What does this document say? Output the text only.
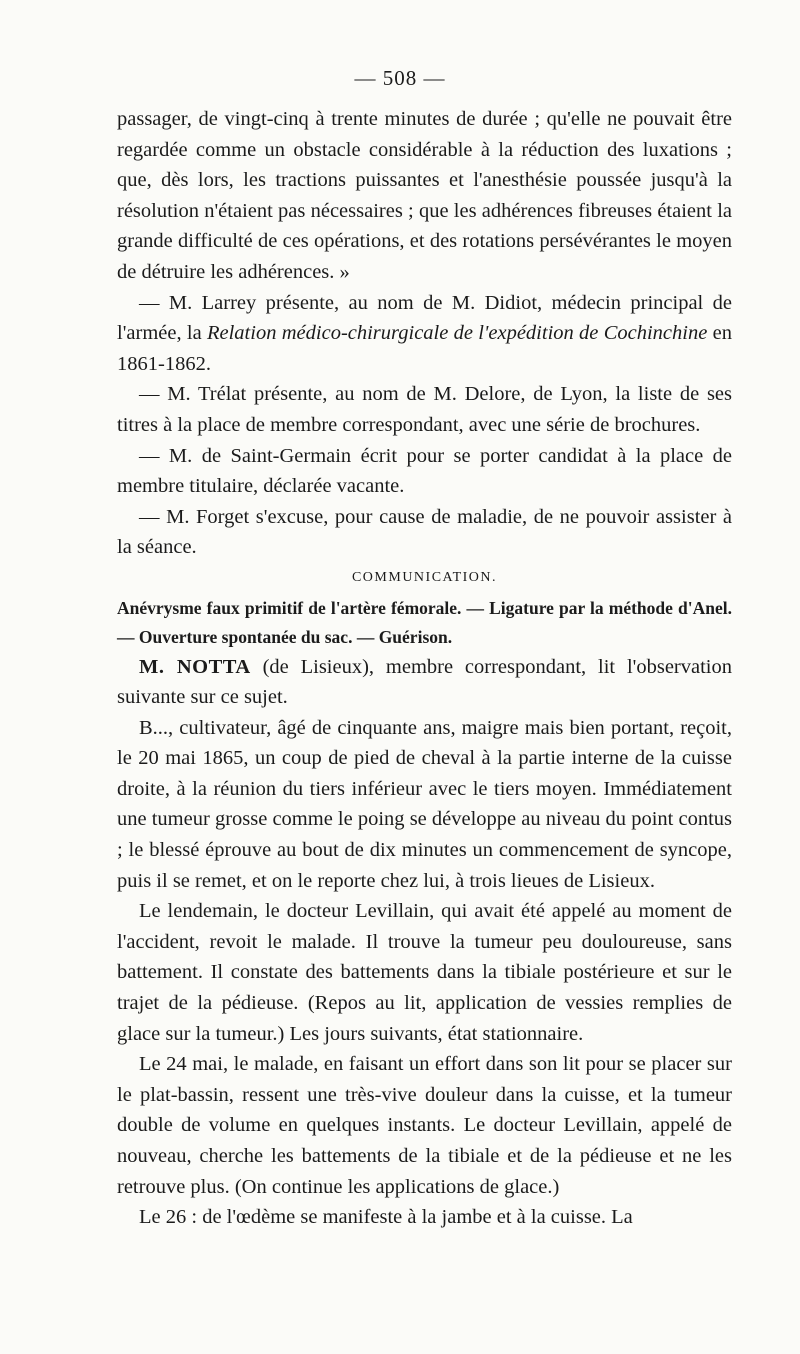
— 508 —

passager, de vingt-cinq à trente minutes de durée ; qu'elle ne pouvait être regardée comme un obstacle considérable à la réduction des luxations ; que, dès lors, les tractions puissantes et l'anesthésie poussée jusqu'à la résolution n'étaient pas nécessaires ; que les adhérences fibreuses étaient la grande difficulté de ces opérations, et des rotations persévérantes le moyen de détruire les adhérences. »

— M. Larrey présente, au nom de M. Didiot, médecin principal de l'armée, la Relation médico-chirurgicale de l'expédition de Cochinchine en 1861-1862.

— M. Trélat présente, au nom de M. Delore, de Lyon, la liste de ses titres à la place de membre correspondant, avec une série de brochures.

— M. de Saint-Germain écrit pour se porter candidat à la place de membre titulaire, déclarée vacante.

— M. Forget s'excuse, pour cause de maladie, de ne pouvoir assister à la séance.

COMMUNICATION.

Anévrysme faux primitif de l'artère fémorale. — Ligature par la méthode d'Anel. — Ouverture spontanée du sac. — Guérison.

M. NOTTA (de Lisieux), membre correspondant, lit l'observation suivante sur ce sujet.

B..., cultivateur, âgé de cinquante ans, maigre mais bien portant, reçoit, le 20 mai 1865, un coup de pied de cheval à la partie interne de la cuisse droite, à la réunion du tiers inférieur avec le tiers moyen. Immédiatement une tumeur grosse comme le poing se développe au niveau du point contus ; le blessé éprouve au bout de dix minutes un commencement de syncope, puis il se remet, et on le reporte chez lui, à trois lieues de Lisieux.

Le lendemain, le docteur Levillain, qui avait été appelé au moment de l'accident, revoit le malade. Il trouve la tumeur peu douloureuse, sans battement. Il constate des battements dans la tibiale postérieure et sur le trajet de la pédieuse. (Repos au lit, application de vessies remplies de glace sur la tumeur.) Les jours suivants, état stationnaire.

Le 24 mai, le malade, en faisant un effort dans son lit pour se placer sur le plat-bassin, ressent une très-vive douleur dans la cuisse, et la tumeur double de volume en quelques instants. Le docteur Levillain, appelé de nouveau, cherche les battements de la tibiale et de la pédieuse et ne les retrouve plus. (On continue les applications de glace.)

Le 26 : de l'œdème se manifeste à la jambe et à la cuisse. La
